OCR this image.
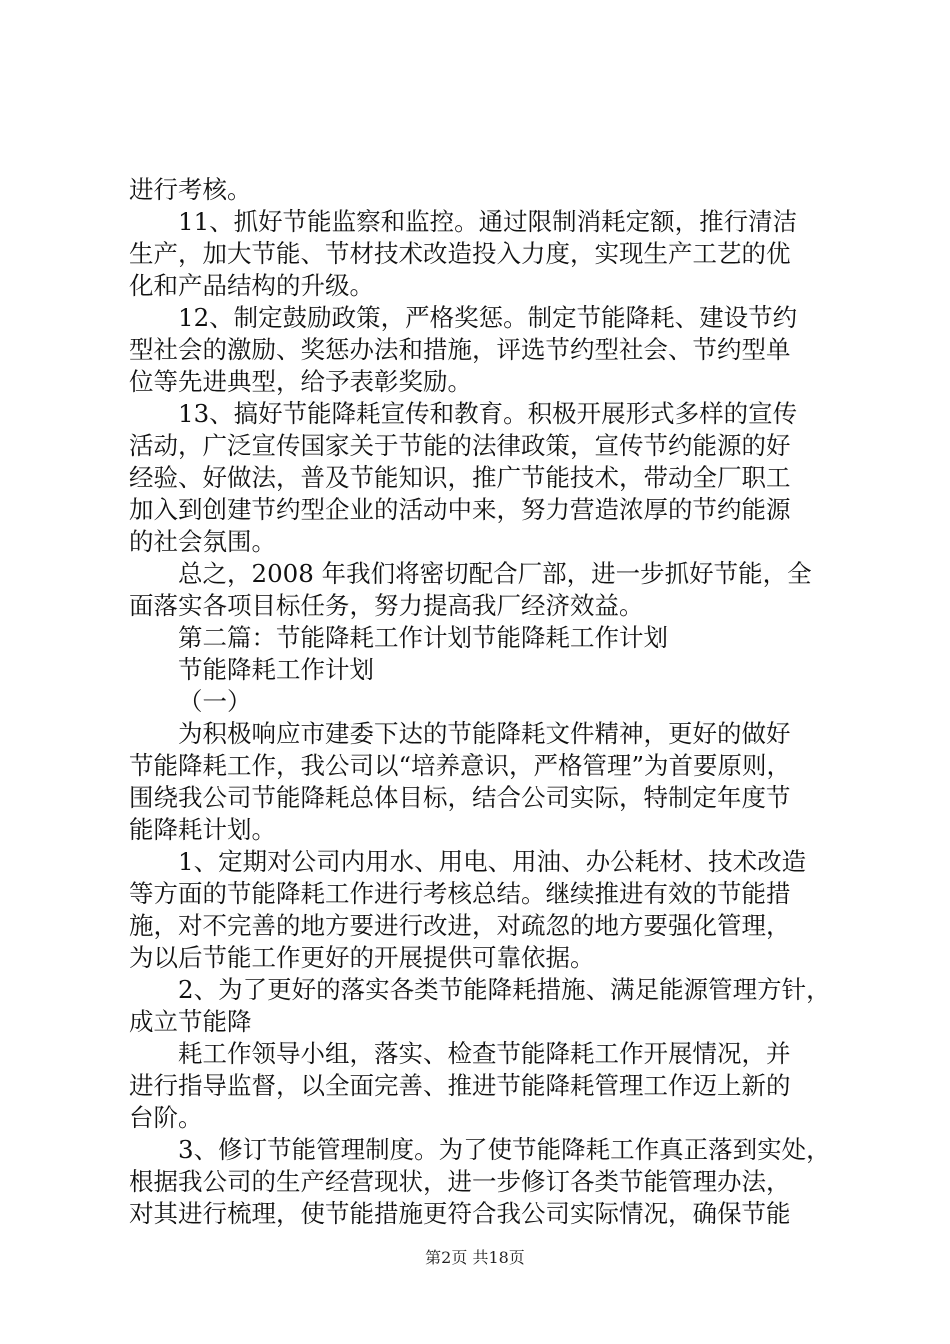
进行考核。
11、抓好节能监察和监控。通过限制消耗定额，推行清洁
生产，加大节能、节材技术改造投入力度，实现生产工艺的优
化和产品结构的升级。
12、制定鼓励政策，严格奖惩。制定节能降耗、建设节约
型社会的激励、奖惩办法和措施，评选节约型社会、节约型单
位等先进典型，给予表彰奖励。
13、搞好节能降耗宣传和教育。积极开展形式多样的宣传
活动，广泛宣传国家关于节能的法律政策，宣传节约能源的好
经验、好做法，普及节能知识，推广节能技术，带动全厂职工
加入到创建节约型企业的活动中来，努力营造浓厚的节约能源
的社会氛围。
总之，2008 年我们将密切配合厂部，进一步抓好节能，全
面落实各项目标任务，努力提高我厂经济效益。
第二篇：节能降耗工作计划节能降耗工作计划
节能降耗工作计划
（一）
为积极响应市建委下达的节能降耗文件精神，更好的做好
节能降耗工作，我公司以“培养意识，严格管理”为首要原则，
围绕我公司节能降耗总体目标，结合公司实际，特制定年度节
能降耗计划。
1、定期对公司内用水、用电、用油、办公耗材、技术改造
等方面的节能降耗工作进行考核总结。继续推进有效的节能措
施，对不完善的地方要进行改进，对疏忽的地方要强化管理，
为以后节能工作更好的开展提供可靠依据。
2、为了更好的落实各类节能降耗措施、满足能源管理方针，
成立节能降
耗工作领导小组，落实、检查节能降耗工作开展情况，并
进行指导监督，以全面完善、推进节能降耗管理工作迈上新的
台阶。
3、修订节能管理制度。为了使节能降耗工作真正落到实处，
根据我公司的生产经营现状，进一步修订各类节能管理办法，
对其进行梳理，使节能措施更符合我公司实际情况，确保节能
第2页 共18页
